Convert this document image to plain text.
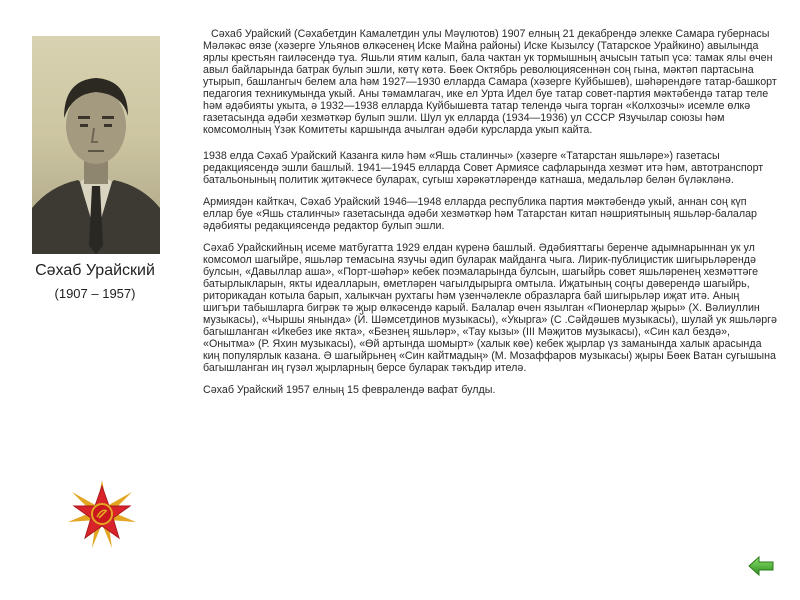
Сәхаб Урайский
(1907 – 1957)

Сәхаб Урайский (Сәхабетдин Камалетдин улы Мәүлютов) 1907 елның 21 декабрендә элекке Самара губернасы Мәләкәс өязе (хәзерге Ульянов өлкәсенең Иске Майна районы) Иске Кызылсу (Татарское Урайкино) авылында ярлы крестьян гаиләсендә туа. Яшьли ятим калып, бала чактан ук тормышның ачысын татып үсә: тамак ялы өчен авыл байларында батрак булып эшли, көтү көтә. Бөек Октябрь революциясеннән соң гына, мәктәп партасына утырып, башлангыч белем ала һәм 1927—1930 елларда Самара (хәзерге Куйбышев), шәһәрендәге татар-башкорт педагогия техникумында укый. Аны тәмамлагач, ике ел Урта Идел буе татар совет-партия мәктәбендә татар теле һәм әдәбияты укыта, ә 1932—1938 елларда Куйбышевта татар телендә чыга торган «Колхозчы» исемле өлкә газетасында әдәби хезмәткәр булып эшли. Шул ук елларда (1934—1936) ул СССР Язучылар союзы һәм комсомолның Үзәк Комитеты каршында ачылган әдәби курсларда укып кайта.

1938 елда Сәхаб Урайский Казанга килә һәм «Яшь сталинчы» (хәзерге «Татарстан яшьләре») газетасы редакциясендә эшли башлый. 1941—1945 елларда Совет Армиясе сафларында хезмәт итә һәм, автотранспорт батальонының политик җитәкчесе булараҡ, сугыш хәрәкәтләрендә катнаша, медальләр белән бүләкләнә.

Армиядән кайткач, Сәхаб Урайский 1946—1948 елларда республика партия мәктәбендә укый, аннан соң күп еллар буе «Яшь сталинчы» газетасында әдәби хезмәткәр һәм Татарстан китап нәшриятының яшьләр-балалар әдәбияты редакциясендә редактор булып эшли.

Сәхаб Урайскийның исеме матбугатта 1929 елдан күренә башлый. Әдәбияттагы беренче адымнарыннан ук ул комсомол шагыйре, яшьләр темасына язучы әдип буларак майданга чыга. Лирик-публицистик шигырьләрендә булсын, «Давыллар аша», «Порт-шәһәр» кебек поэмаларында булсын, шагыйрь совет яшьләренең хезмәттәге батырлыкларын, якты идеалларын, өметләрен чагылдырырга омтыла. Иҗатының соңгы дәверендә шагыйрь, риторикадан котыла барып, халыкчан рухтагы һәм үзенчәлекле образларга бай шигырьләр иҗат итә. Аның шигъри табышларга бигрәк тә җыр өлкәсендә карый. Балалар өчен язылган «Пионерлар җыры» (Х. Вәлиуллин музыкасы), «Чыршы янында» (Й. Шәмсетдинов музыкасы), «Укырга» (С .Сәйдәшев музыкасы), шулай ук яшьләргә багышланган «Икебез ике якта», «Безнең яшьләр», «Тау кызы» (III Мәҗитов музыкасы), «Син кал бездә», «Онытма» (Р. Яхин музыкасы), «Өй артында шомырт» (халык көе) кебек җырлар үз заманында халык арасында киң популярлык казана. Ә шагыйрьнең «Син кайтмадың» (М. Мозаффаров музыкасы) җыры Бөек Ватан сугышына багышланган иң гүзәл җырларның берсе буларак тәкъдир ителә.

Сәхаб Урайский 1957 елның 15 февралендә вафат булды.
